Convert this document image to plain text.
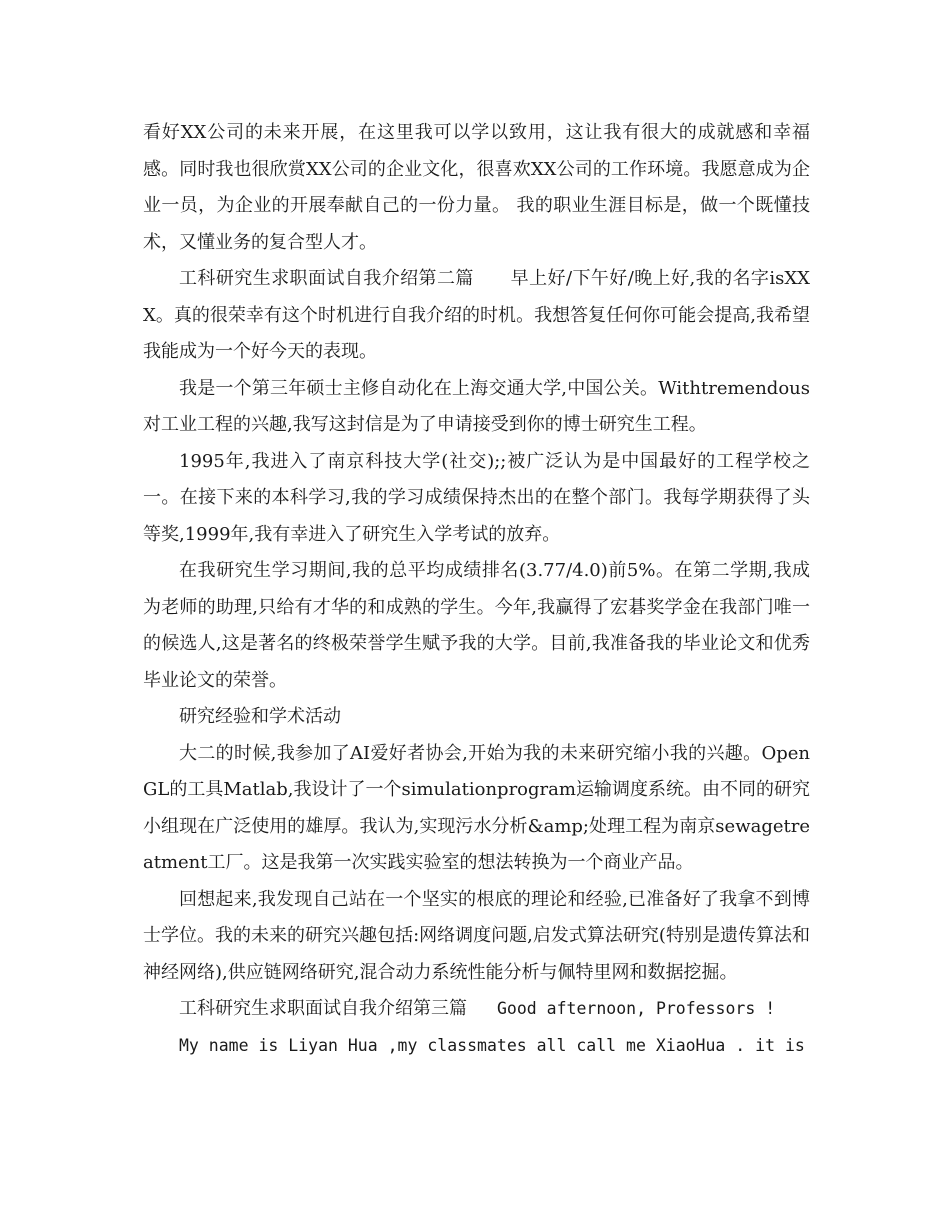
看好XX公司的未来开展，在这里我可以学以致用，这让我有很大的成就感和幸福感。同时我也很欣赏XX公司的企业文化，很喜欢XX公司的工作环境。我愿意成为企业一员，为企业的开展奉献自己的一份力量。 我的职业生涯目标是，做一个既懂技术，又懂业务的复合型人才。

工科研究生求职面试自我介绍第二篇　　早上好/下午好/晚上好,我的名字isXXX。真的很荣幸有这个时机进行自我介绍的时机。我想答复任何你可能会提高,我希望我能成为一个好今天的表现。

我是一个第三年硕士主修自动化在上海交通大学,中国公关。Withtremendous对工业工程的兴趣,我写这封信是为了申请接受到你的博士研究生工程。

1995年,我进入了南京科技大学(社交);;被广泛认为是中国最好的工程学校之一。在接下来的本科学习,我的学习成绩保持杰出的在整个部门。我每学期获得了头等奖,1999年,我有幸进入了研究生入学考试的放弃。

在我研究生学习期间,我的总平均成绩排名(3.77/4.0)前5%。在第二学期,我成为老师的助理,只给有才华的和成熟的学生。今年,我赢得了宏碁奖学金在我部门唯一的候选人,这是著名的终极荣誉学生赋予我的大学。目前,我准备我的毕业论文和优秀毕业论文的荣誉。

研究经验和学术活动

大二的时候,我参加了AI爱好者协会,开始为我的未来研究缩小我的兴趣。OpenGL的工具Matlab,我设计了一个simulationprogram运输调度系统。由不同的研究小组现在广泛使用的雄厚。我认为,实现污水分析&amp;处理工程为南京sewagetreatment工厂。这是我第一次实践实验室的想法转换为一个商业产品。

回想起来,我发现自己站在一个坚实的根底的理论和经验,已准备好了我拿不到博士学位。我的未来的研究兴趣包括:网络调度问题,启发式算法研究(特别是遗传算法和神经网络),供应链网络研究,混合动力系统性能分析与佩特里网和数据挖掘。

工科研究生求职面试自我介绍第三篇 Good afternoon, Professors !

My name is Liyan Hua ,my classmates all call me XiaoHua . it is
